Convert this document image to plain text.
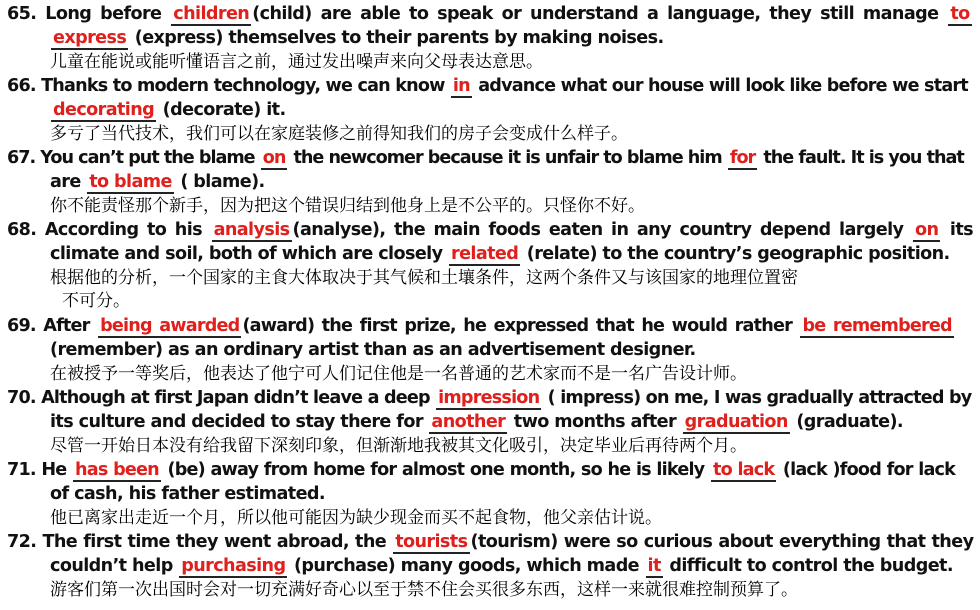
65. Long before children(child) are able to speak or understand a language, they still manage to
express (express) themselves to their parents by making noises.
儿童在能说或能听懂语言之前，通过发出噪声来向父母表达意思。
66. Thanks to modern technology, we can know in advance what our house will look like before we start
decorating (decorate) it.
多亏了当代技术，我们可以在家庭装修之前得知我们的房子会变成什么样子。
67. You can’t put the blame on the newcomer because it is unfair to blame him for the fault. It is you that
are to blame ( blame).
你不能责怪那个新手，因为把这个错误归结到他身上是不公平的。只怪你不好。
68. According to his analysis(analyse), the main foods eaten in any country depend largely on its
climate and soil, both of which are closely related (relate) to the country’s geographic position.
根据他的分析，一个国家的主食大体取决于其气候和土壤条件，这两个条件又与该国家的地理位置密
不可分。
69. After being awarded(award) the first prize, he expressed that he would rather be remembered
(remember) as an ordinary artist than as an advertisement designer.
在被授予一等奖后，他表达了他宁可人们记住他是一名普通的艺术家而不是一名广告设计师。
70. Although at first Japan didn’t leave a deep impression ( impress) on me, I was gradually attracted by
its culture and decided to stay there for another two months after graduation (graduate).
尽管一开始日本没有给我留下深刻印象，但渐渐地我被其文化吸引，决定毕业后再待两个月。
71. He has been (be) away from home for almost one month, so he is likely to lack (lack )food for lack
of cash, his father estimated.
他已离家出走近一个月，所以他可能因为缺少现金而买不起食物，他父亲估计说。
72. The first time they went abroad, the tourists(tourism) were so curious about everything that they
couldn’t help purchasing (purchase) many goods, which made it difficult to control the budget.
游客们第一次出国时会对一切充满好奇心以至于禁不住会买很多东西，这样一来就很难控制预算了。
